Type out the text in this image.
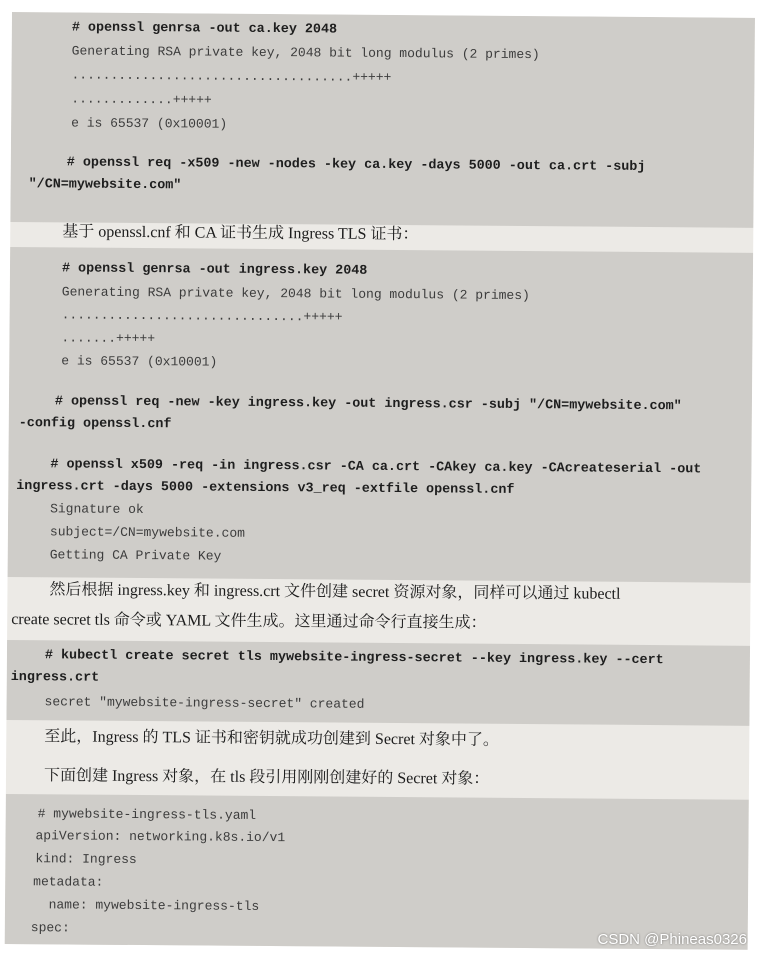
# openssl genrsa -out ca.key 2048
Generating RSA private key, 2048 bit long modulus (2 primes)
....................................+++++
.............+++++
e is 65537 (0x10001)
# openssl req -x509 -new -nodes -key ca.key -days 5000 -out ca.crt -subj
"/CN=mywebsite.com"
基于 openssl.cnf 和 CA 证书生成 Ingress TLS 证书：
# openssl genrsa -out ingress.key 2048
Generating RSA private key, 2048 bit long modulus (2 primes)
...............................+++++
.......+++++
e is 65537 (0x10001)
# openssl req -new -key ingress.key -out ingress.csr -subj "/CN=mywebsite.com"
-config openssl.cnf
# openssl x509 -req -in ingress.csr -CA ca.crt -CAkey ca.key -CAcreateserial -out
ingress.crt -days 5000 -extensions v3_req -extfile openssl.cnf
Signature ok
subject=/CN=mywebsite.com
Getting CA Private Key
然后根据 ingress.key 和 ingress.crt 文件创建 secret 资源对象，同样可以通过 kubectl
create secret tls 命令或 YAML 文件生成。这里通过命令行直接生成：
# kubectl create secret tls mywebsite-ingress-secret --key ingress.key --cert
ingress.crt
secret "mywebsite-ingress-secret" created
至此，Ingress 的 TLS 证书和密钥就成功创建到 Secret 对象中了。
下面创建 Ingress 对象，在 tls 段引用刚刚创建好的 Secret 对象：
# mywebsite-ingress-tls.yaml
apiVersion: networking.k8s.io/v1
kind: Ingress
metadata:
name: mywebsite-ingress-tls
spec:
CSDN @Phineas0326
